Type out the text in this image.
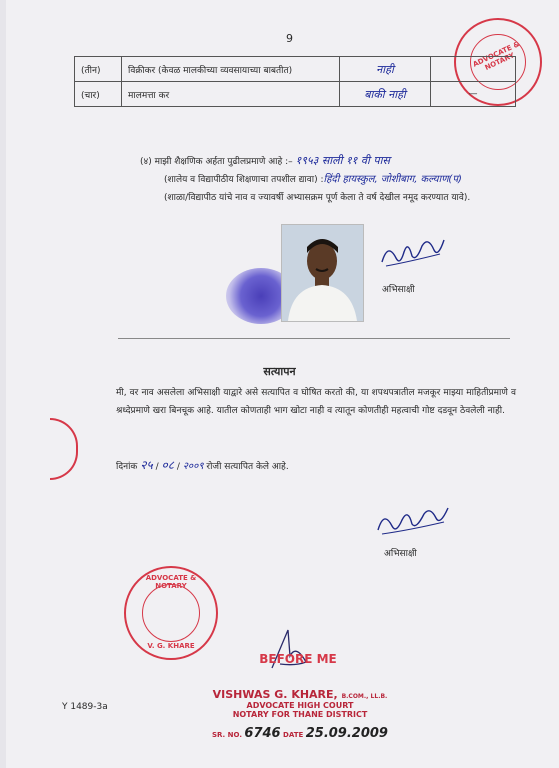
9
ADVOCATE & NOTARY
(तीन)	विक्रीकर (केवळ मालकीच्या व्यवसायाच्या बाबतीत)	नाही	
(चार)	मालमत्ता कर	बाकी नाही	—
(४) माझी शैक्षणिक अर्हता पुढीलप्रमाणे आहे :– १९५३ साली ११ वी पास
(शालेय व विद्यापीठीय शिक्षणाचा तपशील द्यावा) :हिंदी हायस्कुल, जोशीबाग, कल्याण(प)
(शाळा/विद्यापीठ यांचे नाव व ज्यावर्षी अभ्यासक्रम पूर्ण केला ते वर्ष देखील नमूद करण्यात यावे).
अभिसाक्षी
सत्यापन
मी, वर नाव असलेला अभिसाक्षी याद्वारे असे सत्यापित व घोषित करतो की, या शपथपत्रातील मजकूर माझ्या माहितीप्रमाणे व श्रध्देप्रमाणे खरा बिनचूक आहे. यातील कोणताही भाग खोटा नाही व त्यातून कोणतीही महत्वाची गोष्ट दडवून ठेवलेली नाही.
दिनांक २५ / ०८ / २००९ रोजी सत्यापित केले आहे.
अभिसाक्षी
ADVOCATE & NOTARY
V. G. KHARE
BEFORE ME
VISHWAS G. KHARE, B.COM., LL.B.
ADVOCATE HIGH COURT
NOTARY FOR THANE DISTRICT
SR. NO. 6746 DATE 25.09.2009
Y 1489-3a
